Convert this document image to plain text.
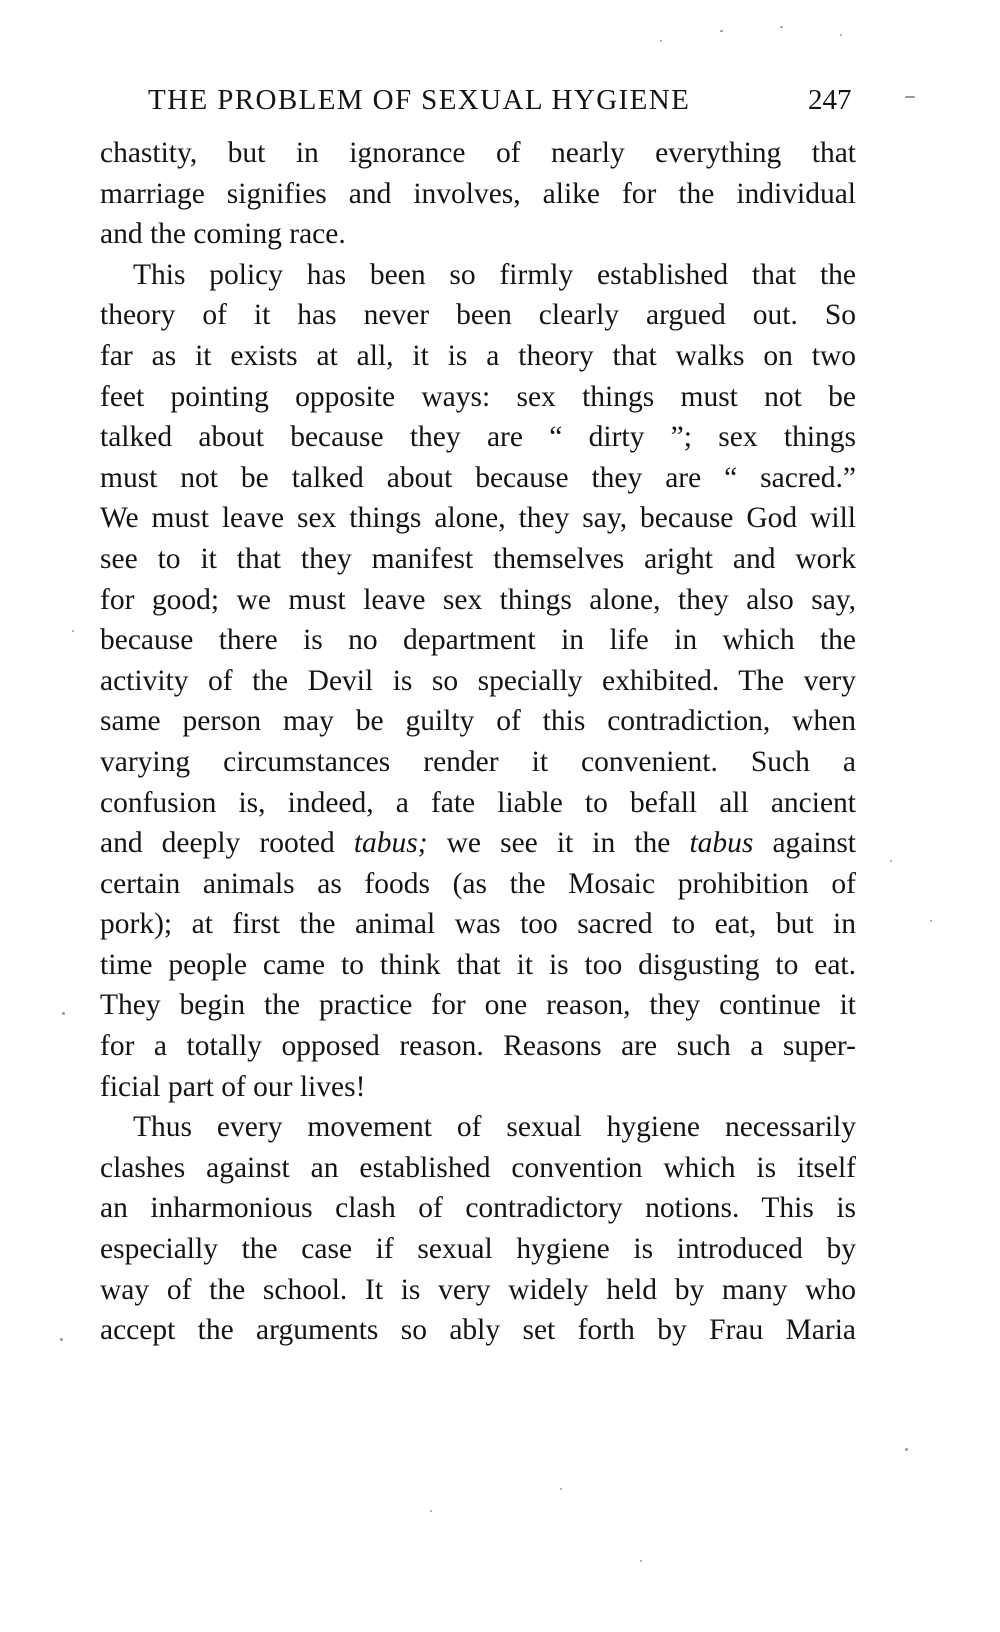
THE PROBLEM OF SEXUAL HYGIENE	247
chastity, but in ignorance of nearly everything that
marriage signifies and involves, alike for the individual
and the coming race.
This policy has been so firmly established that the
theory of it has never been clearly argued out. So
far as it exists at all, it is a theory that walks on two
feet pointing opposite ways: sex things must not be
talked about because they are “ dirty ”; sex things
must not be talked about because they are “ sacred.”
We must leave sex things alone, they say, because God will
see to it that they manifest themselves aright and work
for good; we must leave sex things alone, they also say,
because there is no department in life in which the
activity of the Devil is so specially exhibited. The very
same person may be guilty of this contradiction, when
varying circumstances render it convenient. Such a
confusion is, indeed, a fate liable to befall all ancient
and deeply rooted tabus; we see it in the tabus against
certain animals as foods (as the Mosaic prohibition of
pork); at first the animal was too sacred to eat, but in
time people came to think that it is too disgusting to eat.
They begin the practice for one reason, they continue it
for a totally opposed reason. Reasons are such a super-
ficial part of our lives!
Thus every movement of sexual hygiene necessarily
clashes against an established convention which is itself
an inharmonious clash of contradictory notions. This is
especially the case if sexual hygiene is introduced by
way of the school. It is very widely held by many who
accept the arguments so ably set forth by Frau Maria
